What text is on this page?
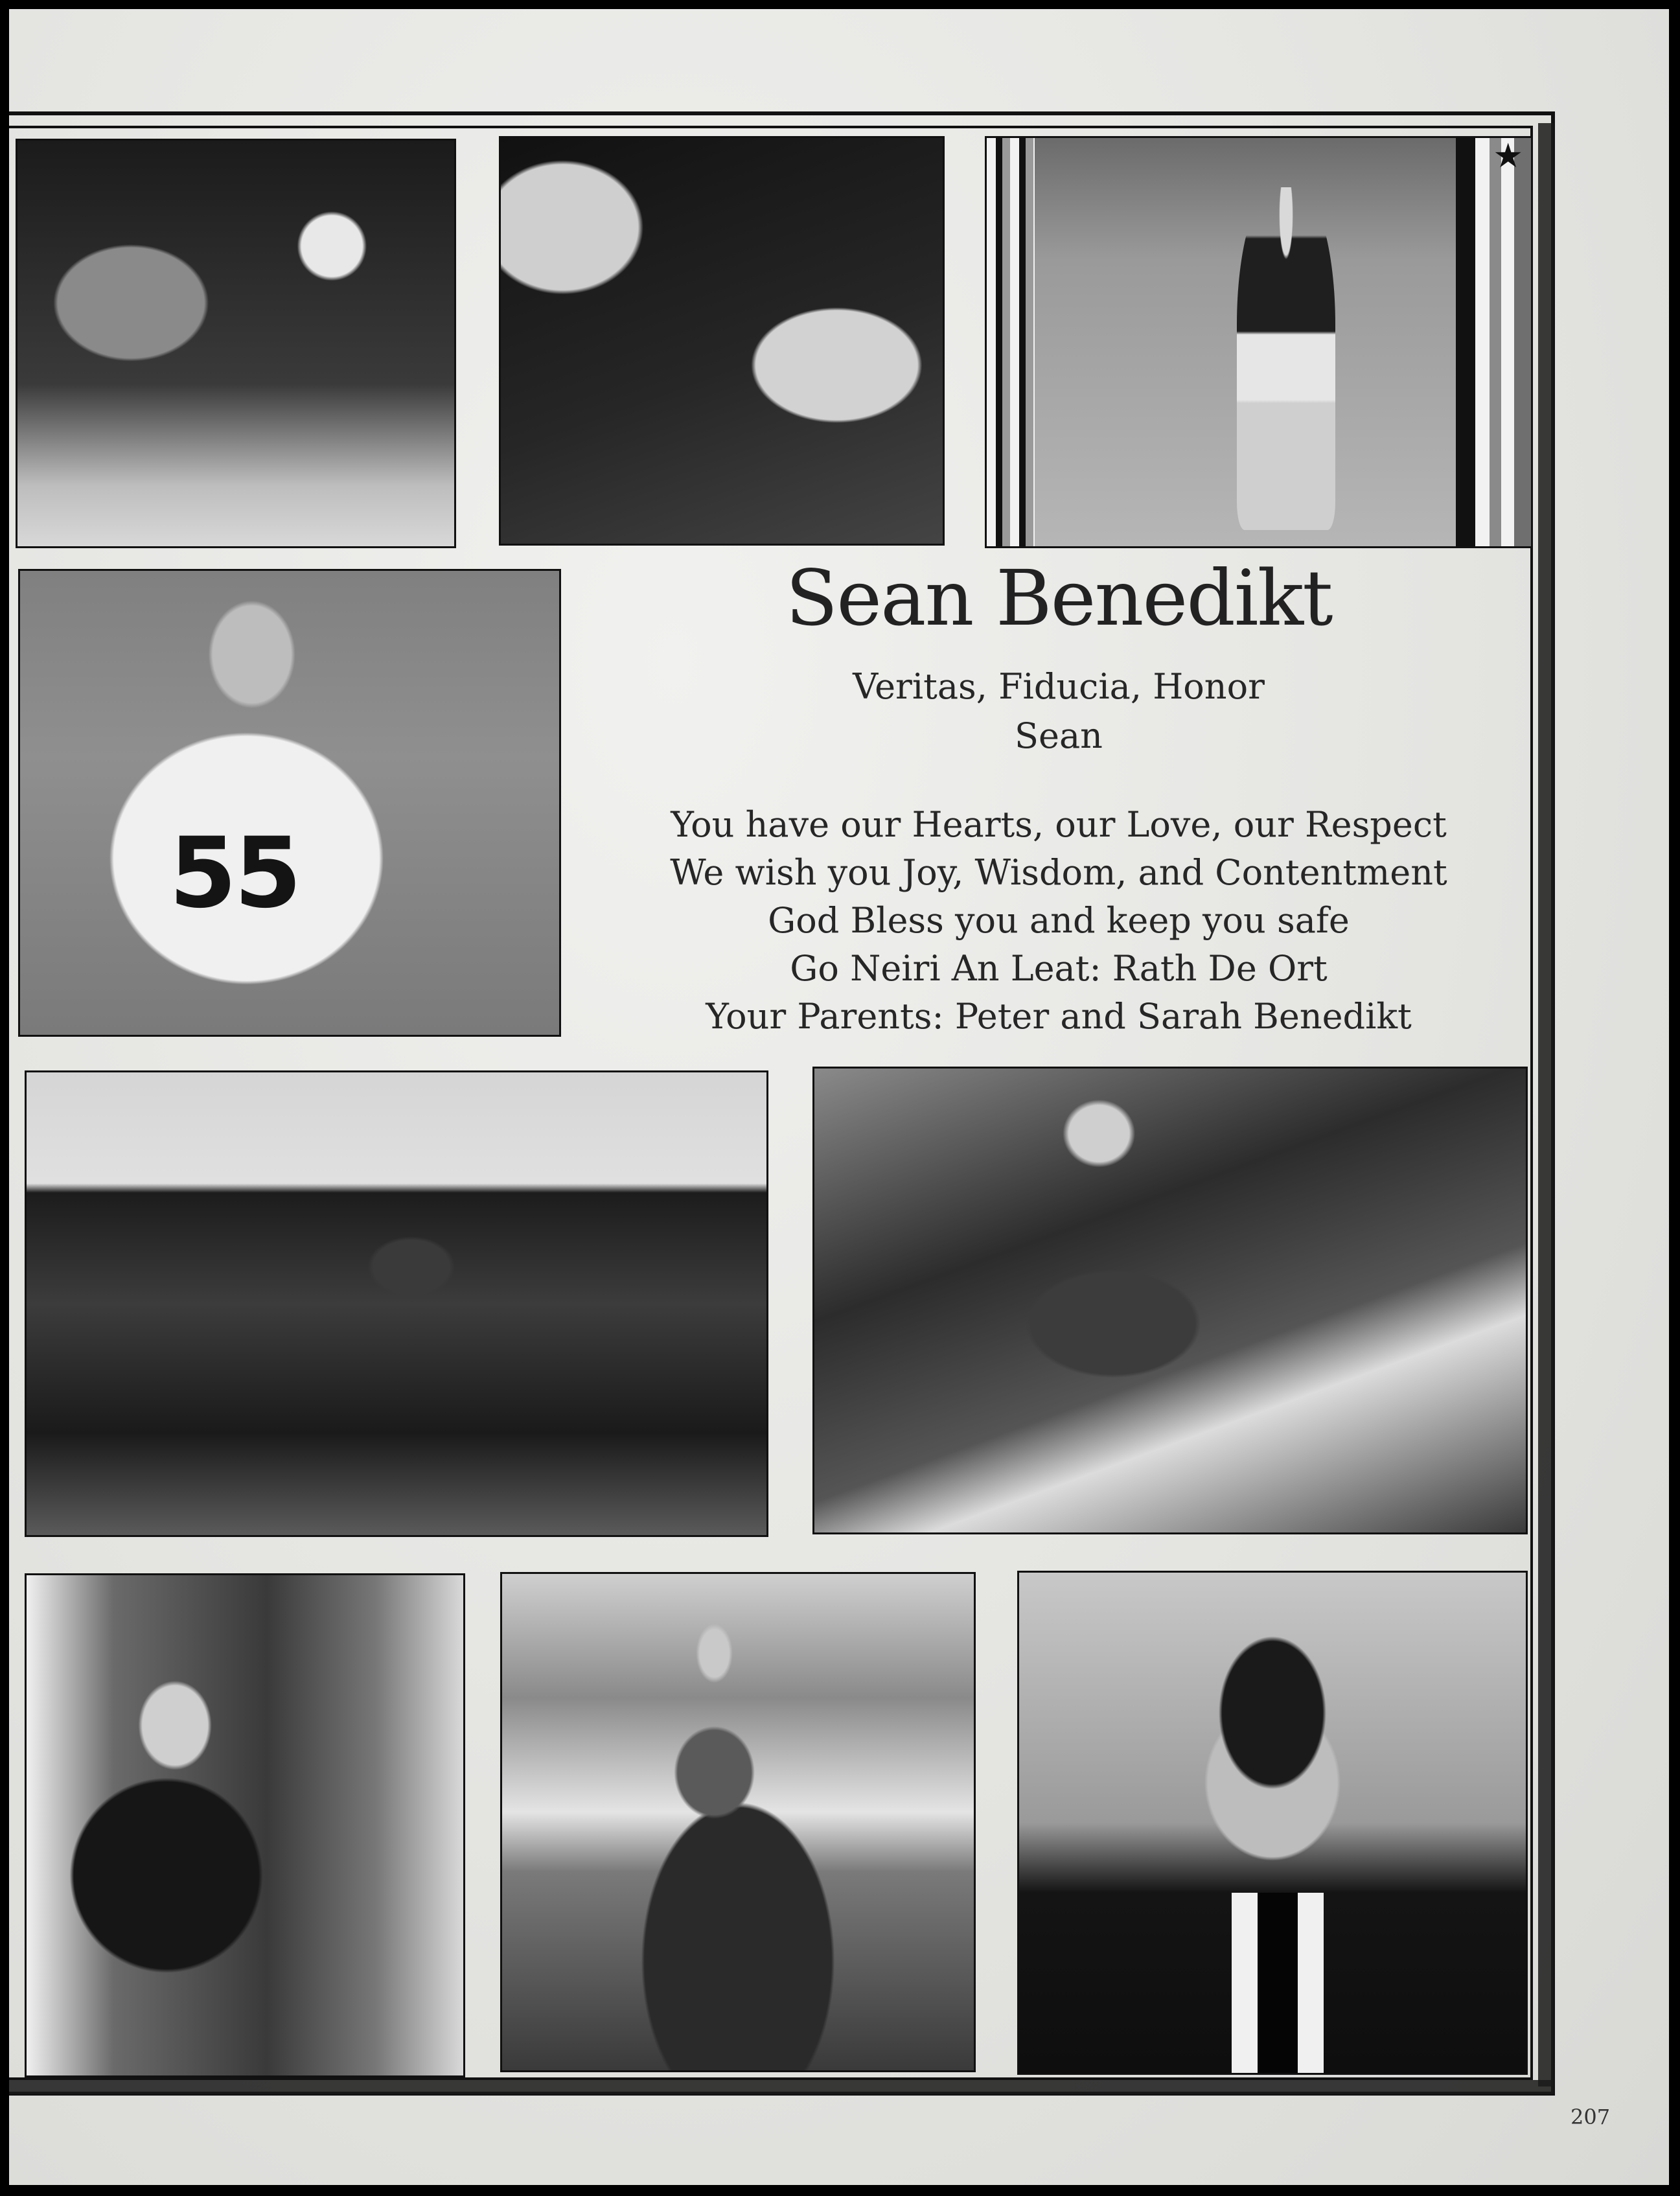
★
55
Sean Benedikt
Veritas, Fiducia, Honor
Sean
You have our Hearts, our Love, our Respect
We wish you Joy, Wisdom, and Contentment
God Bless you and keep you safe
Go Neiri An Leat: Rath De Ort
Your Parents: Peter and Sarah Benedikt
207
